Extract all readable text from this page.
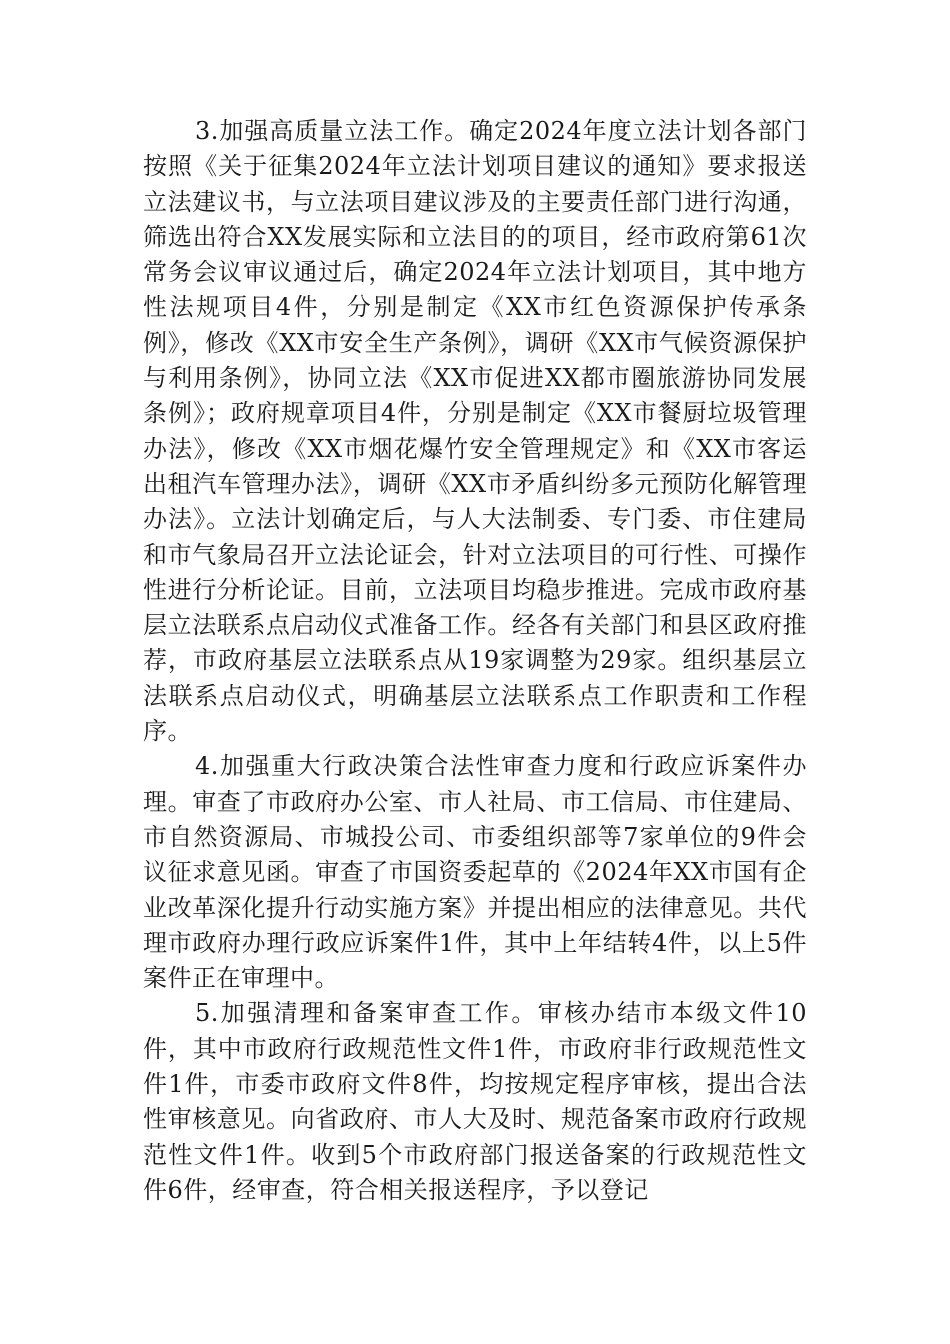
3.加强高质量立法工作。确定2024年度立法计划各部门按照《关于征集2024年立法计划项目建议的通知》要求报送立法建议书，与立法项目建议涉及的主要责任部门进行沟通，筛选出符合XX发展实际和立法目的的项目，经市政府第61次常务会议审议通过后，确定2024年立法计划项目，其中地方性法规项目4件，分别是制定《XX市红色资源保护传承条例》，修改《XX市安全生产条例》，调研《XX市气候资源保护与利用条例》，协同立法《XX市促进XX都市圈旅游协同发展条例》；政府规章项目4件，分别是制定《XX市餐厨垃圾管理办法》，修改《XX市烟花爆竹安全管理规定》和《XX市客运出租汽车管理办法》，调研《XX市矛盾纠纷多元预防化解管理办法》。立法计划确定后，与人大法制委、专门委、市住建局和市气象局召开立法论证会，针对立法项目的可行性、可操作性进行分析论证。目前，立法项目均稳步推进。完成市政府基层立法联系点启动仪式准备工作。经各有关部门和县区政府推荐，市政府基层立法联系点从19家调整为29家。组织基层立法联系点启动仪式，明确基层立法联系点工作职责和工作程序。

4.加强重大行政决策合法性审查力度和行政应诉案件办理。审查了市政府办公室、市人社局、市工信局、市住建局、市自然资源局、市城投公司、市委组织部等7家单位的9件会议征求意见函。审查了市国资委起草的《2024年XX市国有企业改革深化提升行动实施方案》并提出相应的法律意见。共代理市政府办理行政应诉案件1件，其中上年结转4件，以上5件案件正在审理中。

5.加强清理和备案审查工作。审核办结市本级文件10件，其中市政府行政规范性文件1件，市政府非行政规范性文件1件，市委市政府文件8件，均按规定程序审核，提出合法性审核意见。向省政府、市人大及时、规范备案市政府行政规范性文件1件。收到5个市政府部门报送备案的行政规范性文件6件，经审查，符合相关报送程序，予以登记
